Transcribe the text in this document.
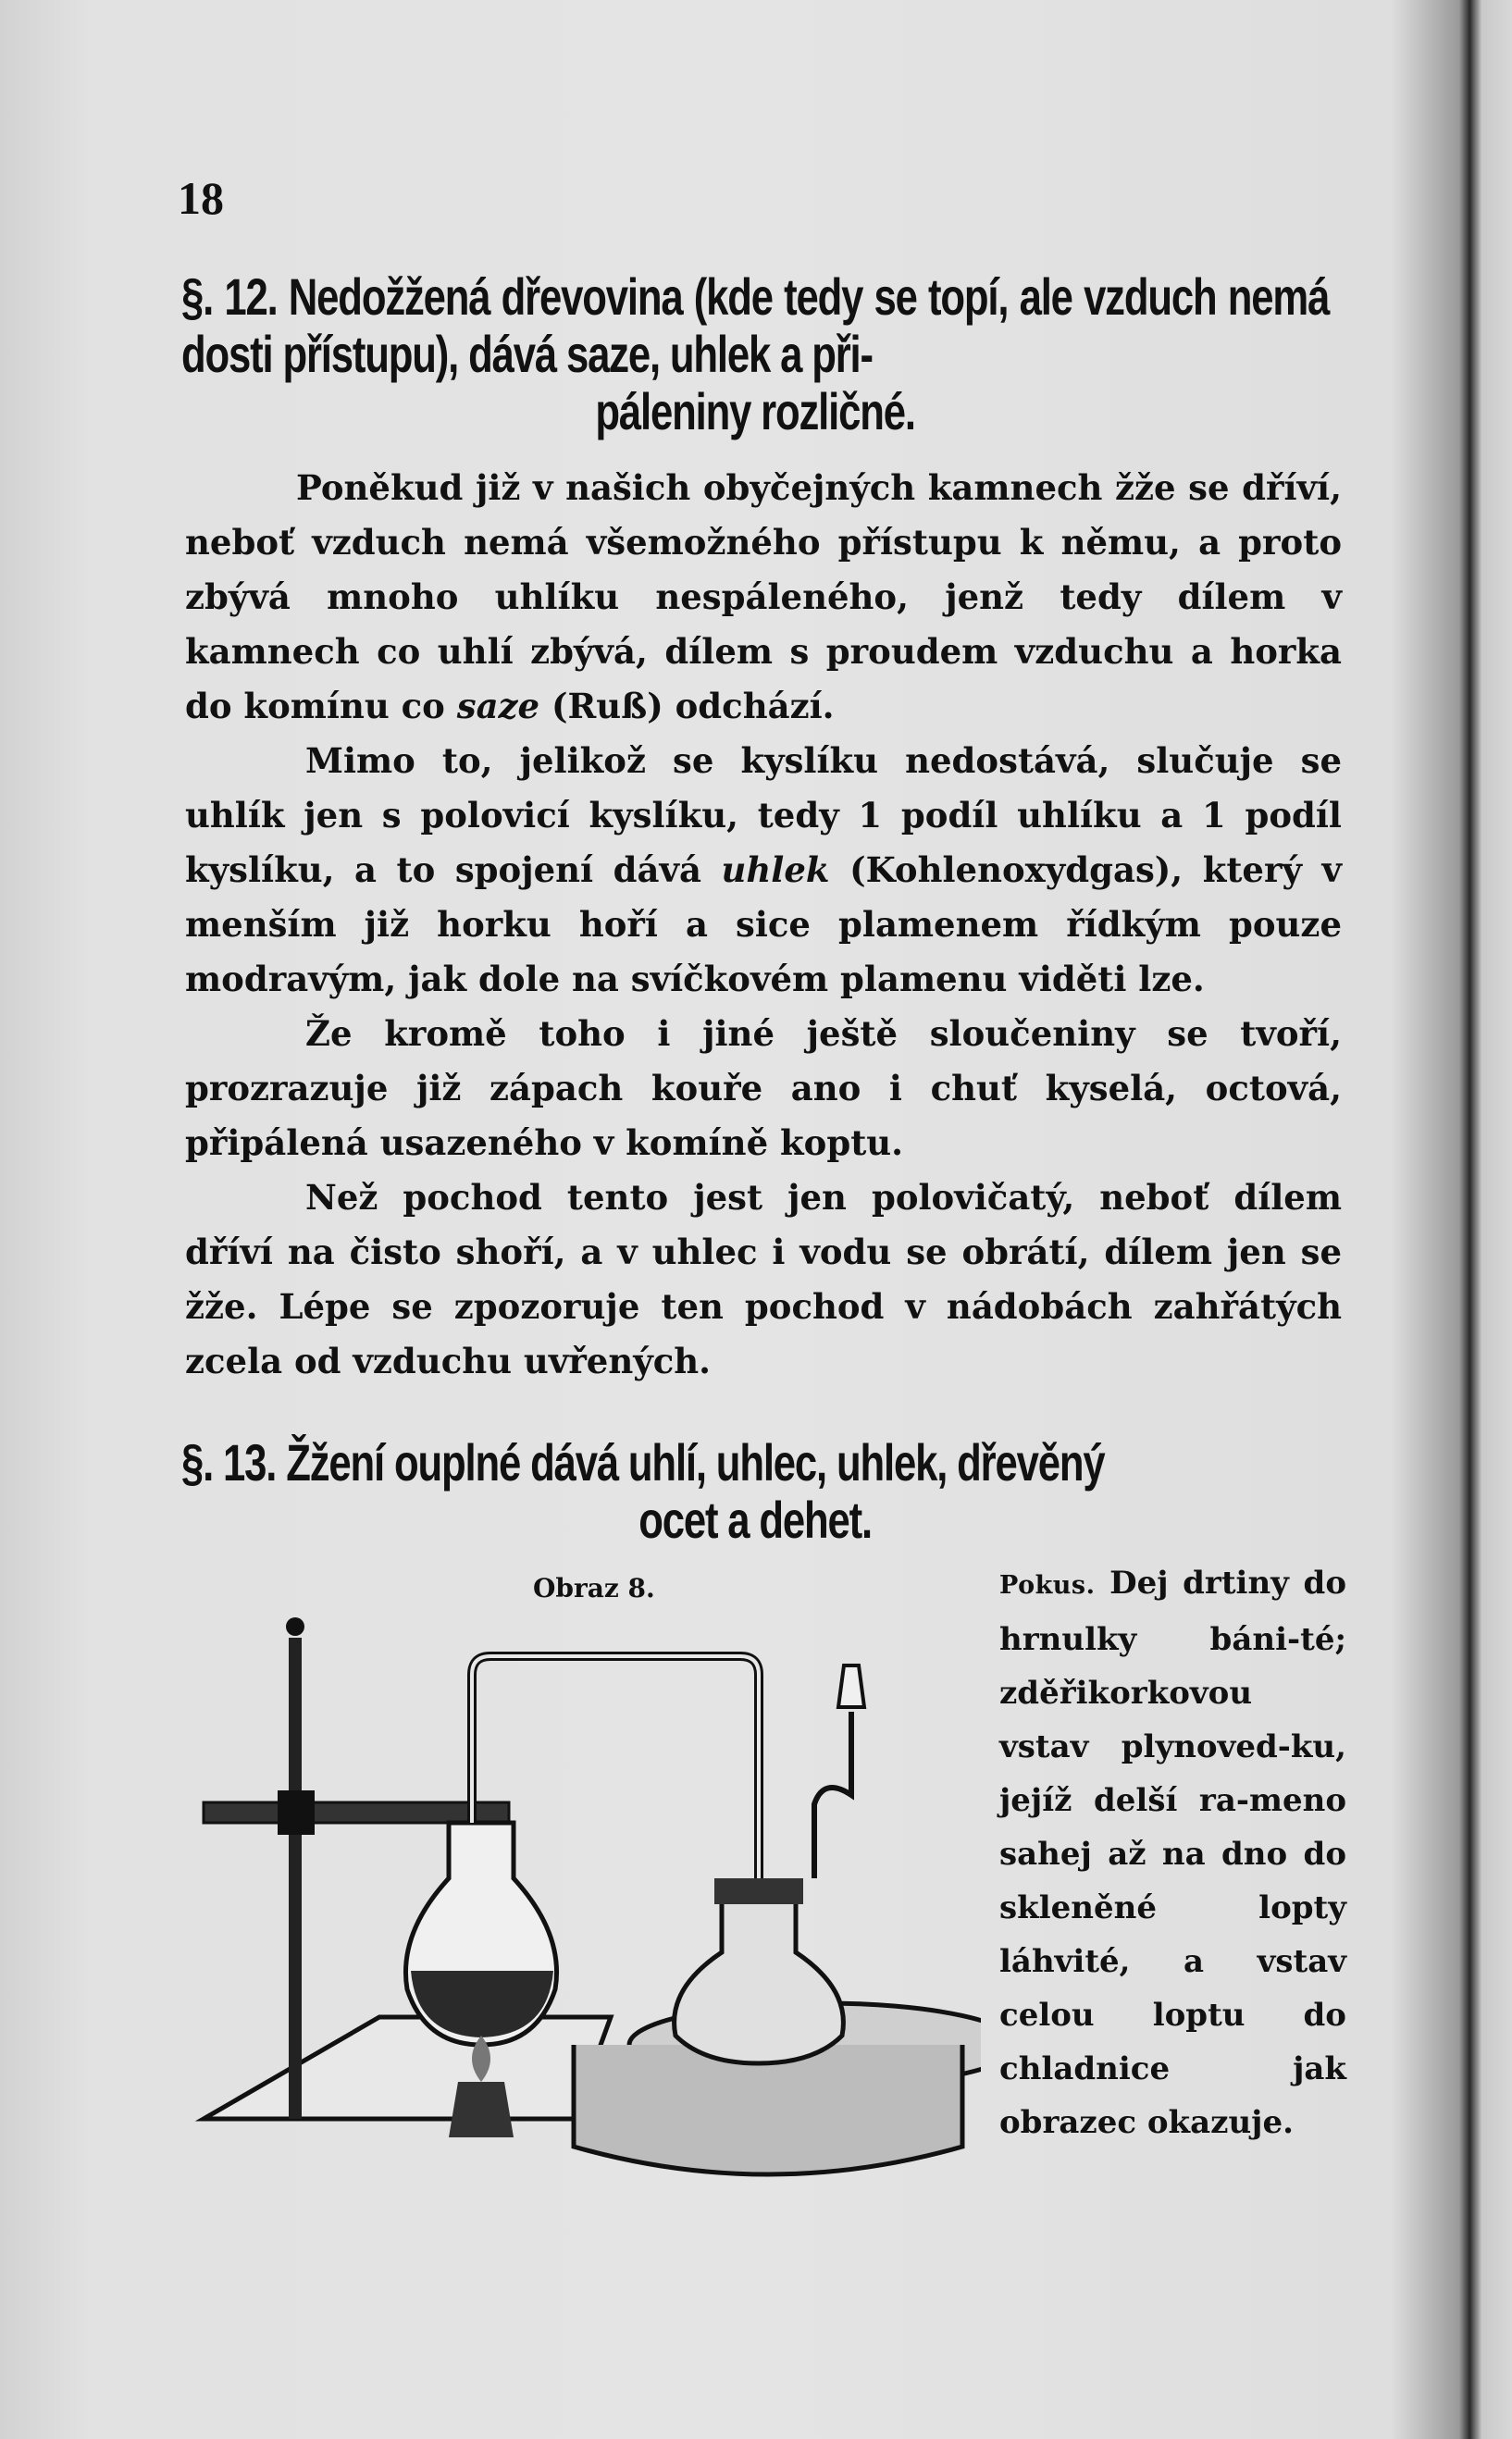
18
§. 12. Nedožžená dřevovina (kde tedy se topí, ale vzduch nemá dosti přístupu), dává saze, uhlek a při-
páleniny rozličné.

Poněkud již v našich obyčejných kamnech žže se dříví, neboť vzduch nemá všemožného přístupu k němu, a proto zbývá mnoho uhlíku nespáleného, jenž tedy dílem v kamnech co uhlí zbývá, dílem s proudem vzduchu a horka do komínu co saze (Ruß) odchází.

Mimo to, jelikož se kyslíku nedostává, slučuje se uhlík jen s polovicí kyslíku, tedy 1 podíl uhlíku a 1 podíl kyslíku, a to spojení dává uhlek (Kohlenoxydgas), který v menším již horku hoří a sice plamenem řídkým pouze modravým, jak dole na svíčkovém plamenu viděti lze.

Že kromě toho i jiné ještě sloučeniny se tvoří, prozrazuje již zápach kouře ano i chuť kyselá, octová, připálená usazeného v komíně koptu.

Než pochod tento jest jen polovičatý, neboť dílem dříví na čisto shoří, a v uhlec i vodu se obrátí, dílem jen se žže. Lépe se zpozoruje ten pochod v nádobách zahřátých zcela od vzduchu uvřených.

§. 13. Žžení ouplné dává uhlí, uhlec, uhlek, dřevěný
ocet a dehet.
Obraz 8.	Pokus. Dej drtiny do hrnulky báni-té; zděřikorkovou vstav plynoved-ku, jejíž delší ra-meno sahej až na dno do skleněné lopty láhvité, a vstav celou loptu do chladnice jak obrazec okazuje.
